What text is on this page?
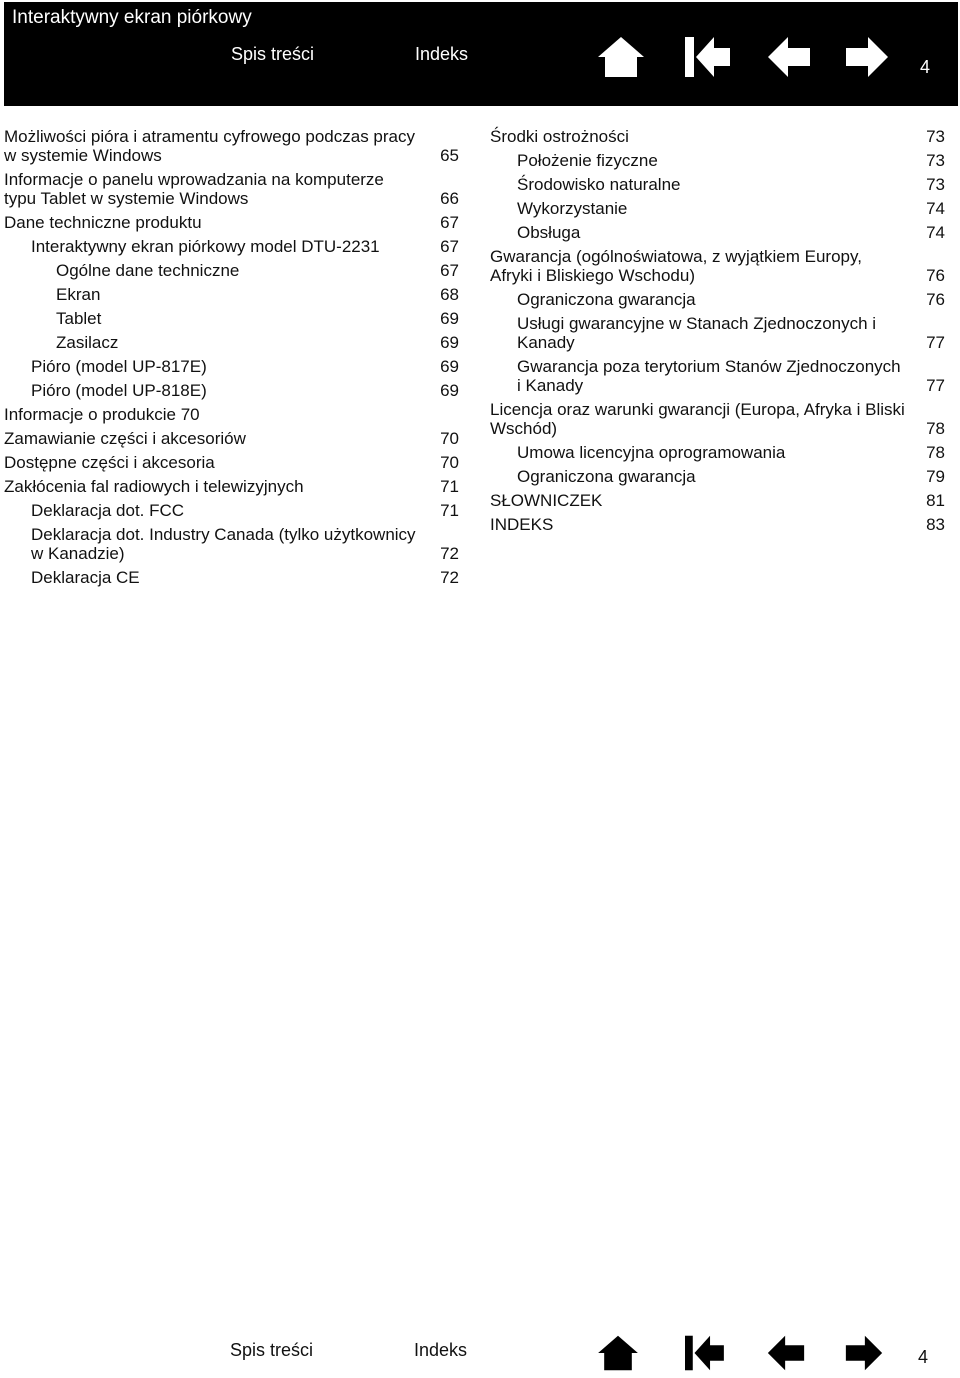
Interaktywny ekran piórkowy
Spis treści	Indeks
4
Możliwości pióra i atramentu cyfrowego podczas pracy w systemie Windows	65
Informacje o panelu wprowadzania na komputerze typu Tablet w systemie Windows	66
Dane techniczne produktu	67
Interaktywny ekran piórkowy model DTU-2231	67
Ogólne dane techniczne	67
Ekran	68
Tablet	69
Zasilacz	69
Pióro (model UP-817E)	69
Pióro (model UP-818E)	69
Informacje o produkcie 70
Zamawianie części i akcesoriów	70
Dostępne części i akcesoria	70
Zakłócenia fal radiowych i telewizyjnych	71
Deklaracja dot. FCC	71
Deklaracja dot. Industry Canada (tylko użytkownicy w Kanadzie)	72
Deklaracja CE	72
Środki ostrożności	73
Położenie fizyczne	73
Środowisko naturalne	73
Wykorzystanie	74
Obsługa	74
Gwarancja (ogólnoświatowa, z wyjątkiem Europy, Afryki i Bliskiego Wschodu)	76
Ograniczona gwarancja	76
Usługi gwarancyjne w Stanach Zjednoczonych i Kanady	77
Gwarancja poza terytorium Stanów Zjednoczonych i Kanady	77
Licencja oraz warunki gwarancji (Europa, Afryka i Bliski Wschód)	78
Umowa licencyjna oprogramowania	78
Ograniczona gwarancja	79
SŁOWNICZEK	81
INDEKS	83
Spis treści	Indeks	4
